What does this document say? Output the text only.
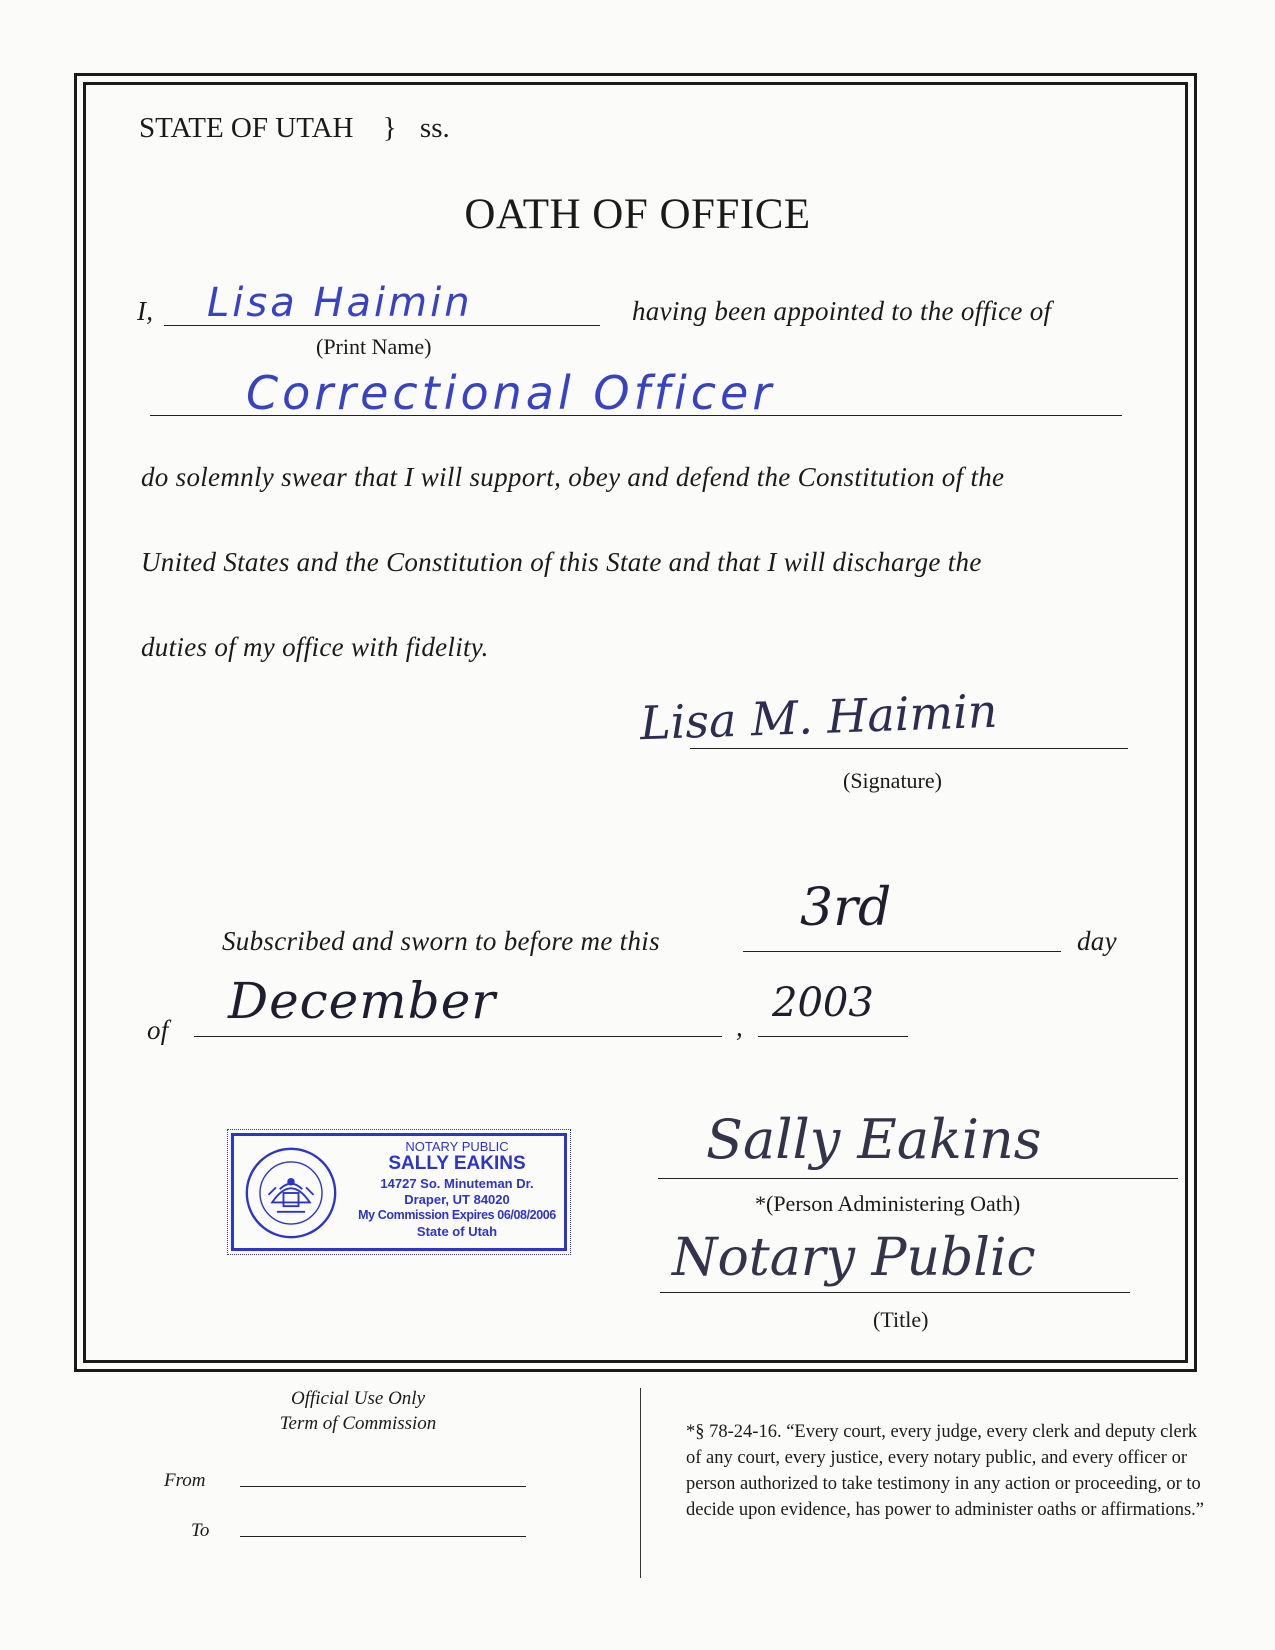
STATE OF UTAH } ss.
OATH OF OFFICE
I, Lisa Haimin
(Print Name)
having been appointed to the office of
Correctional Officer
do solemnly swear that I will support, obey and defend the Constitution of the
United States and the Constitution of this State and that I will discharge the
duties of my office with fidelity.
Lisa M. Haimin
(Signature)
Subscribed and sworn to before me this
3rd
day
of December	,
2003
NOTARY PUBLIC
SALLY EAKINS
14727 So. Minuteman Dr.
Draper, UT 84020
My Commission Expires 06/08/2006
State of Utah
Sally Eakins
*(Person Administering Oath)
Notary Public
(Title)
Official Use Only
Term of Commission
From
To
*§ 78-24-16. “Every court, every judge, every clerk and deputy clerk of any court, every justice, every notary public, and every officer or person authorized to take testimony in any action or proceeding, or to decide upon evidence, has power to administer oaths or affirmations.”
